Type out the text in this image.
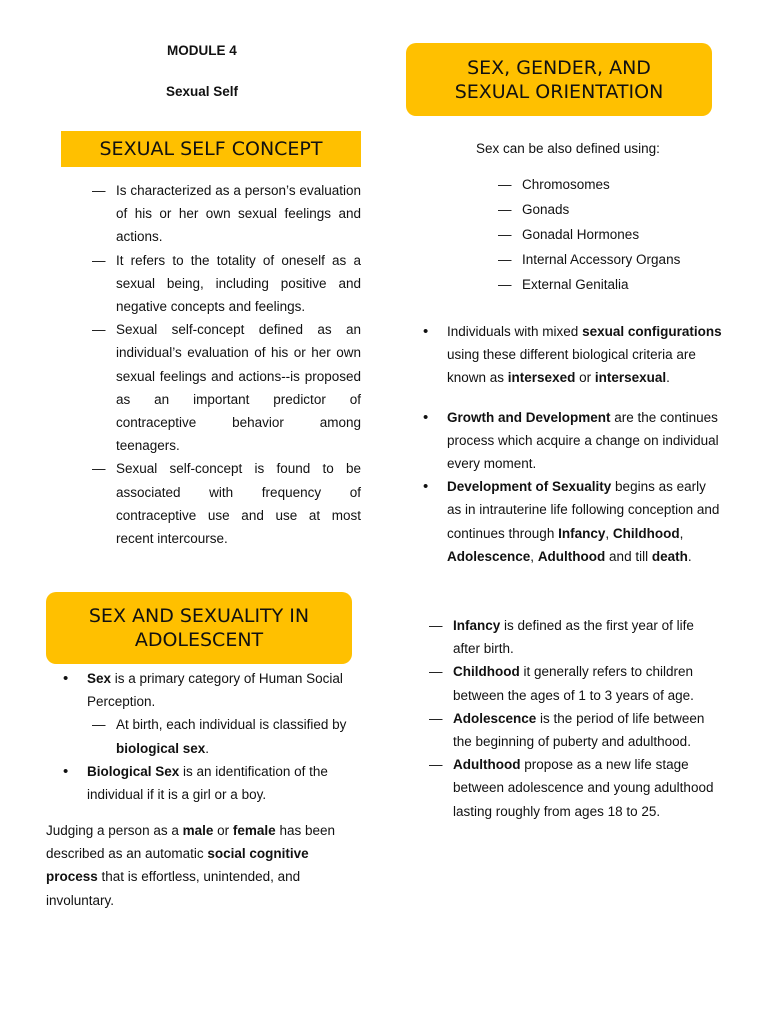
MODULE 4
Sexual Self
SEXUAL SELF CONCEPT
— Is characterized as a person’s evaluation of his or her own sexual feelings and actions.
— It refers to the totality of oneself as a sexual being, including positive and negative concepts and feelings.
— Sexual self-concept defined as an individual’s evaluation of his or her own sexual feelings and actions--is proposed as an important predictor of contraceptive behavior among teenagers.
— Sexual self-concept is found to be associated with frequency of contraceptive use and use at most recent intercourse.
SEX AND SEXUALITY IN
ADOLESCENT
• Sex is a primary category of Human Social Perception.
— At birth, each individual is classified by biological sex.
• Biological Sex is an identification of the individual if it is a girl or a boy.
Judging a person as a male or female has been described as an automatic social cognitive process that is effortless, unintended, and involuntary.
SEX, GENDER, AND
SEXUAL ORIENTATION
Sex can be also defined using:
— Chromosomes
— Gonads
— Gonadal Hormones
— Internal Accessory Organs
— External Genitalia
• Individuals with mixed sexual configurations using these different biological criteria are known as intersexed or intersexual.
• Growth and Development are the continues process which acquire a change on individual every moment.
• Development of Sexuality begins as early as in intrauterine life following conception and continues through Infancy, Childhood, Adolescence, Adulthood and till death.
— Infancy is defined as the first year of life after birth.
— Childhood it generally refers to children between the ages of 1 to 3 years of age.
— Adolescence is the period of life between the beginning of puberty and adulthood.
— Adulthood propose as a new life stage between adolescence and young adulthood lasting roughly from ages 18 to 25.
